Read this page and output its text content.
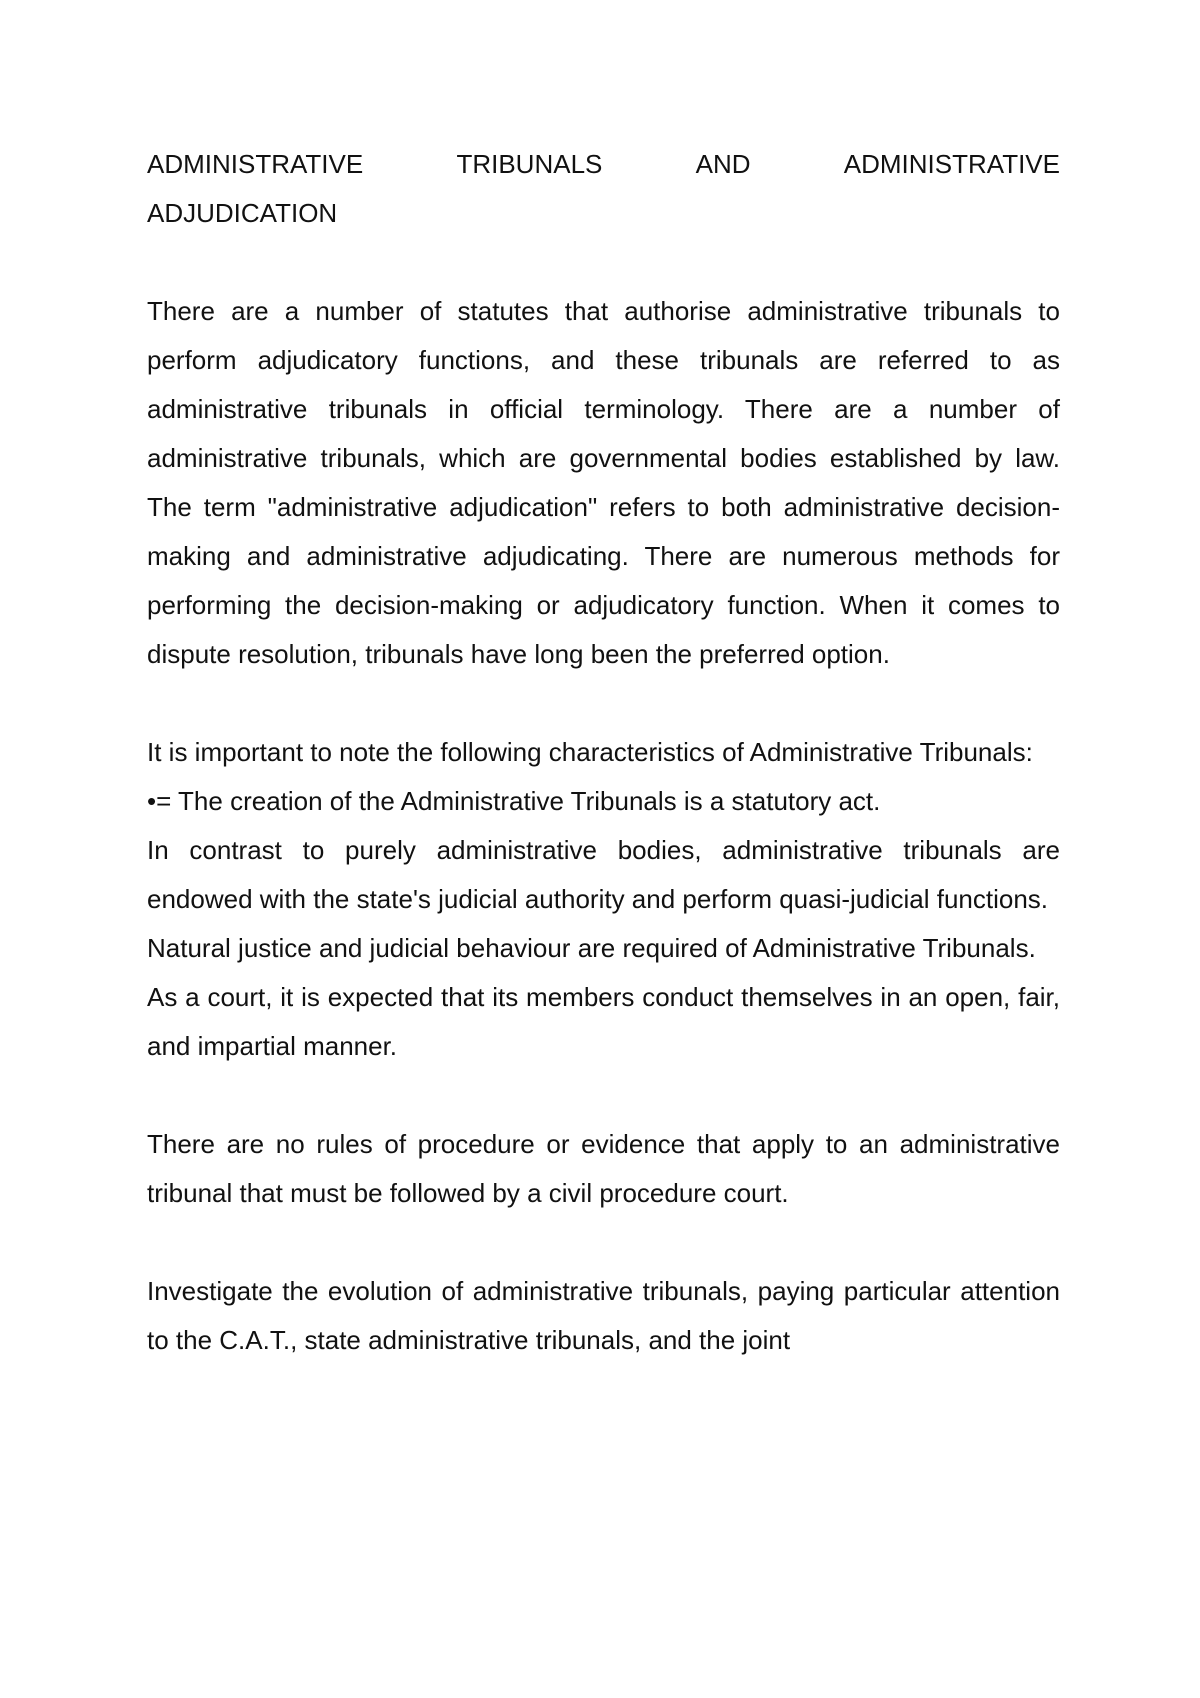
ADMINISTRATIVE	TRIBUNALS	AND	ADMINISTRATIVE
ADJUDICATION

There are a number of statutes that authorise administrative tribunals to perform adjudicatory functions, and these tribunals are referred to as administrative tribunals in official terminology. There are a number of administrative tribunals, which are governmental bodies established by law. The term "administrative adjudication" refers to both administrative decision-making and administrative adjudicating. There are numerous methods for performing the decision-making or adjudicatory function. When it comes to dispute resolution, tribunals have long been the preferred option.

It is important to note the following characteristics of Administrative Tribunals:

•= The creation of the Administrative Tribunals is a statutory act.

In contrast to purely administrative bodies, administrative tribunals are endowed with the state's judicial authority and perform quasi-judicial functions.

Natural justice and judicial behaviour are required of Administrative Tribunals.

As a court, it is expected that its members conduct themselves in an open, fair, and impartial manner.

There are no rules of procedure or evidence that apply to an administrative tribunal that must be followed by a civil procedure court.

Investigate the evolution of administrative tribunals, paying particular attention to the C.A.T., state administrative tribunals, and the joint
